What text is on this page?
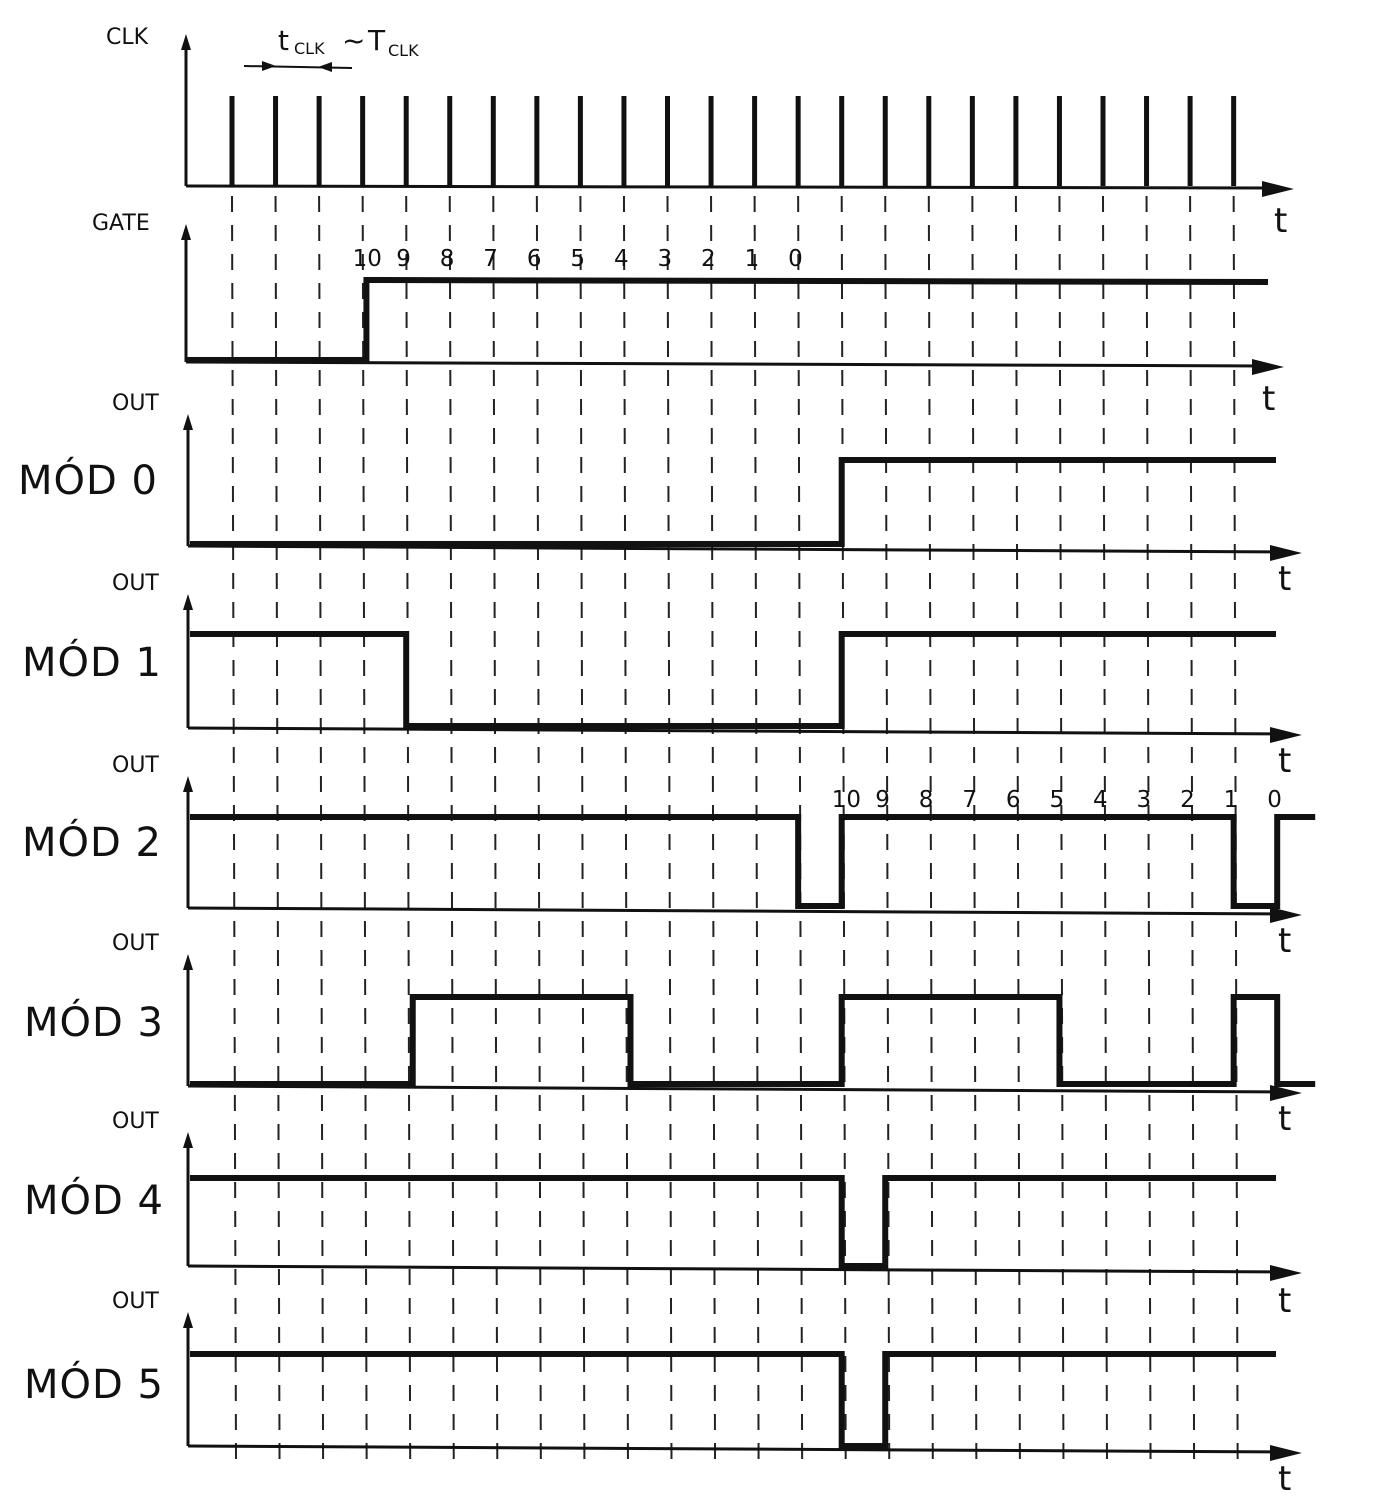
CLK
t
t CLK ~ T CLK
GATE
t
10 9 8 7 6 5 4 3 2 1 0
OUT
MÓD 0
t
OUT
MÓD 1
t
OUT
MÓD 2
t
10 9 8 7 6 5 4 3 2 1 0
OUT
MÓD 3
t
OUT
MÓD 4
t
OUT
MÓD 5
t
